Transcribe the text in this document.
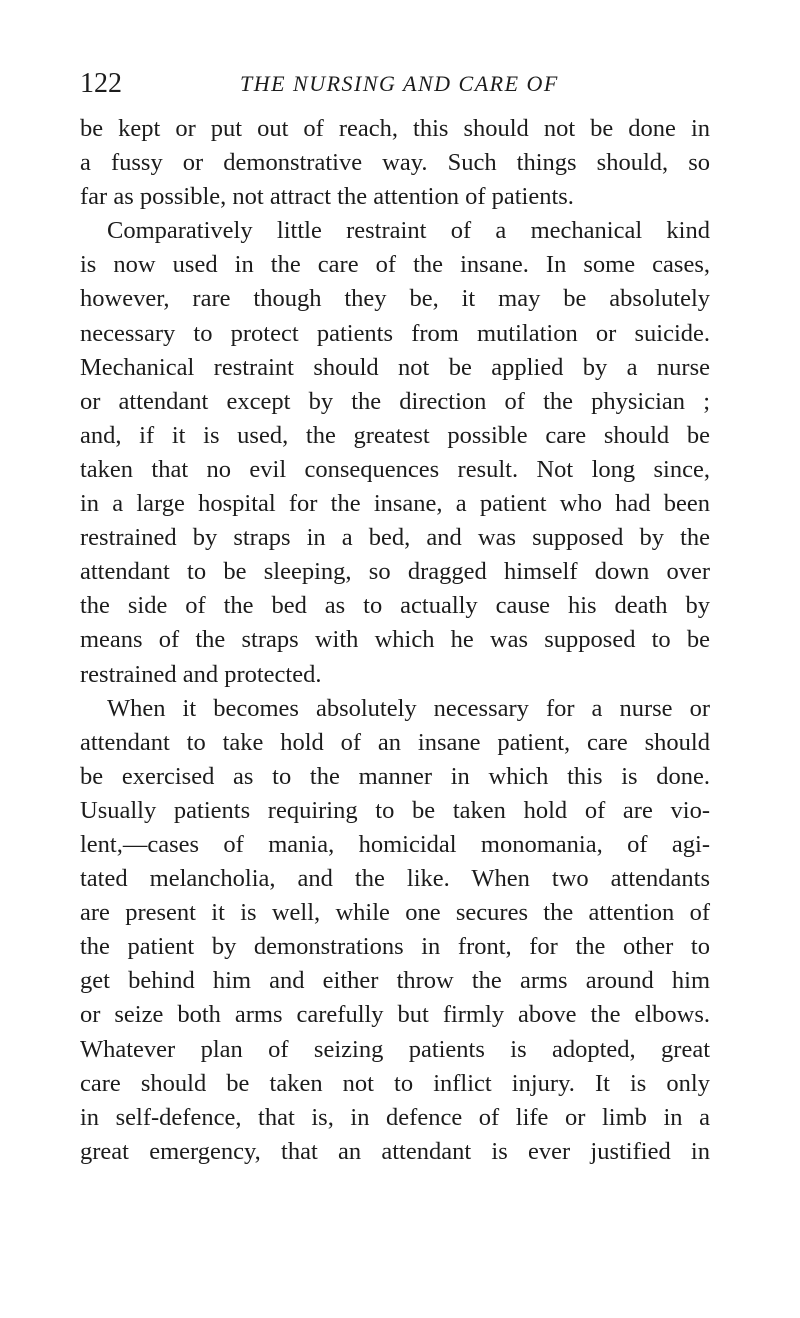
122	THE NURSING AND CARE OF
be kept or put out of reach, this should not be done in
a fussy or demonstrative way. Such things should, so
far as possible, not attract the attention of patients.
Comparatively little restraint of a mechanical kind
is now used in the care of the insane. In some cases,
however, rare though they be, it may be absolutely
necessary to protect patients from mutilation or suicide.
Mechanical restraint should not be applied by a nurse
or attendant except by the direction of the physician ;
and, if it is used, the greatest possible care should be
taken that no evil consequences result. Not long since,
in a large hospital for the insane, a patient who had been
restrained by straps in a bed, and was supposed by the
attendant to be sleeping, so dragged himself down over
the side of the bed as to actually cause his death by
means of the straps with which he was supposed to be
restrained and protected.
When it becomes absolutely necessary for a nurse or
attendant to take hold of an insane patient, care should
be exercised as to the manner in which this is done.
Usually patients requiring to be taken hold of are vio-
lent,—cases of mania, homicidal monomania, of agi-
tated melancholia, and the like. When two attendants
are present it is well, while one secures the attention of
the patient by demonstrations in front, for the other to
get behind him and either throw the arms around him
or seize both arms carefully but firmly above the elbows.
Whatever plan of seizing patients is adopted, great
care should be taken not to inflict injury. It is only
in self-defence, that is, in defence of life or limb in a
great emergency, that an attendant is ever justified in
